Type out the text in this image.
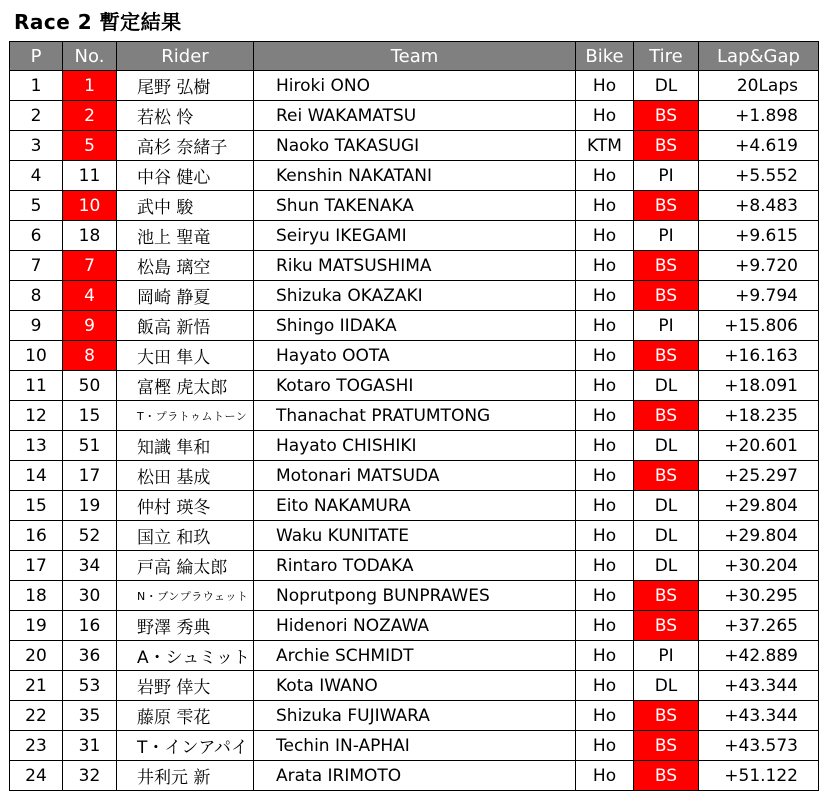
Race 2 暫定結果
P	No.	Rider	Team	Bike	Tire	Lap&Gap
1	1	尾野 弘樹	Hiroki ONO	Ho	DL	20Laps
2	2	若松 怜	Rei WAKAMATSU	Ho	BS	+1.898
3	5	高杉 奈緒子	Naoko TAKASUGI	KTM	BS	+4.619
4	11	中谷 健心	Kenshin NAKATANI	Ho	PI	+5.552
5	10	武中 駿	Shun TAKENAKA	Ho	BS	+8.483
6	18	池上 聖竜	Seiryu IKEGAMI	Ho	PI	+9.615
7	7	松島 璃空	Riku MATSUSHIMA	Ho	BS	+9.720
8	4	岡崎 静夏	Shizuka OKAZAKI	Ho	BS	+9.794
9	9	飯高 新悟	Shingo IIDAKA	Ho	PI	+15.806
10	8	大田 隼人	Hayato OOTA	Ho	BS	+16.163
11	50	富樫 虎太郎	Kotaro TOGASHI	Ho	DL	+18.091
12	15	T・プラトゥムトーン	Thanachat PRATUMTONG	Ho	BS	+18.235
13	51	知識 隼和	Hayato CHISHIKI	Ho	DL	+20.601
14	17	松田 基成	Motonari MATSUDA	Ho	BS	+25.297
15	19	仲村 瑛冬	Eito NAKAMURA	Ho	DL	+29.804
16	52	国立 和玖	Waku KUNITATE	Ho	DL	+29.804
17	34	戸高 綸太郎	Rintaro TODAKA	Ho	DL	+30.204
18	30	N・ブンプラウェット	Noprutpong BUNPRAWES	Ho	BS	+30.295
19	16	野澤 秀典	Hidenori NOZAWA	Ho	BS	+37.265
20	36	A・シュミット	Archie SCHMIDT	Ho	PI	+42.889
21	53	岩野 倖大	Kota IWANO	Ho	DL	+43.344
22	35	藤原 雫花	Shizuka FUJIWARA	Ho	BS	+43.344
23	31	T・インアパイ	Techin IN-APHAI	Ho	BS	+43.573
24	32	井利元 新	Arata IRIMOTO	Ho	BS	+51.122
